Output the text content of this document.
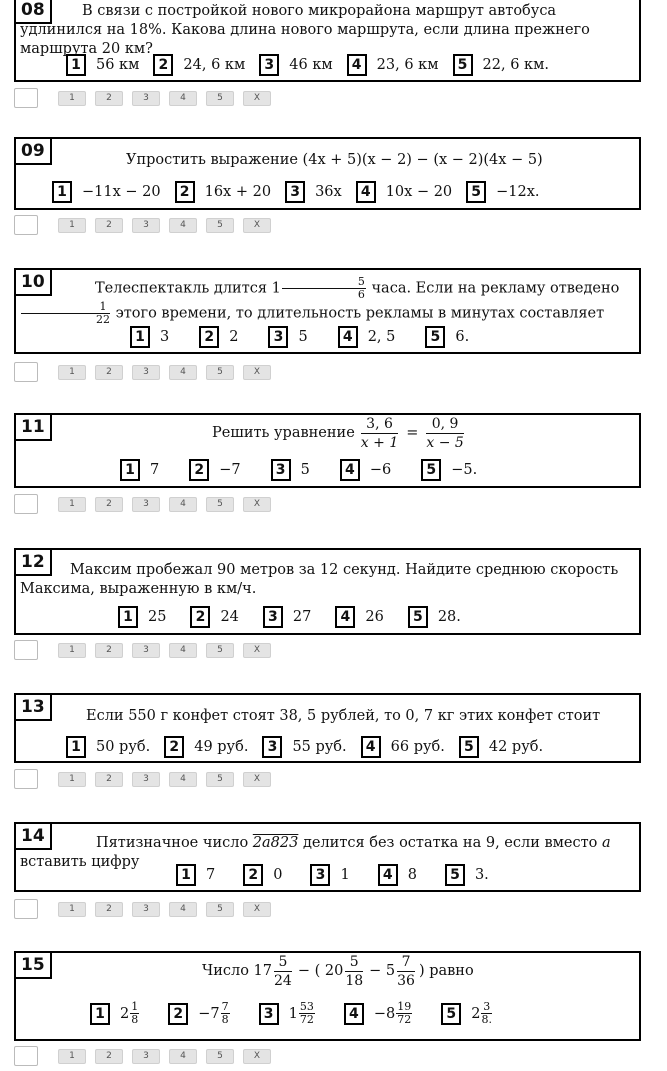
08	В связи с постройкой нового микрорайона маршрут автобуса удлинился на 18%. Какова длина нового маршрута, если длина прежнего маршрута 20 км?
1	56 км	2	24, 6 км	3	46 км	4	23, 6 км	5	22, 6 км.
1	2	3	4	5	X
09	Упростить выражение (4x + 5)(x − 2) − (x − 2)(4x − 5)
1	−11x − 20	2	16x + 20	3	36x	4	10x − 20	5	−12x.
1	2	3	4	5	X
10	Телеспектакль длится $1 \frac{5}{6}$ часа. Если на рекламу отведено
$\frac{1}{22}$ этого времени, то длительность рекламы в минутах составляет
1	3	2	2	3	5	4	2, 5	5	6.
1	2	3	4	5	X
11	Решить уравнение $\frac{3, 6}{x + 1} = \frac{0, 9}{x - 5}$
1	7	2	−7	3	5	4	−6	5	−5.
1	2	3	4	5	X
12	Максим пробежал 90 метров за 12 секунд. Найдите среднюю скорость Максима, выраженную в км/ч.
1	25	2	24	3	27	4	26	5	28.
1	2	3	4	5	X
13	Если 550 г конфет стоят 38, 5 рублей, то 0, 7 кг этих конфет стоит
1	50 руб.	2	49 руб.	3	55 руб.	4	66 руб.	5	42 руб.
1	2	3	4	5	X
14	Пятизначное число 2a823 делится без остатка на 9, если вместо a вставить цифру
1	7	2	0	3	1	4	8	5	3.
1	2	3	4	5	X
15	Число $17 \frac{5}{24}$ − ( $20 \frac{5}{18} - 5 \frac{7}{36}$ ) равно
1	$2 \frac{1}{8}$	2	$-7 \frac{7}{8}$	3	$1 \frac{53}{72}$	4	$-8 \frac{19}{72}$	5	$2 \frac{3}{8.}$
1	2	3	4	5	X
